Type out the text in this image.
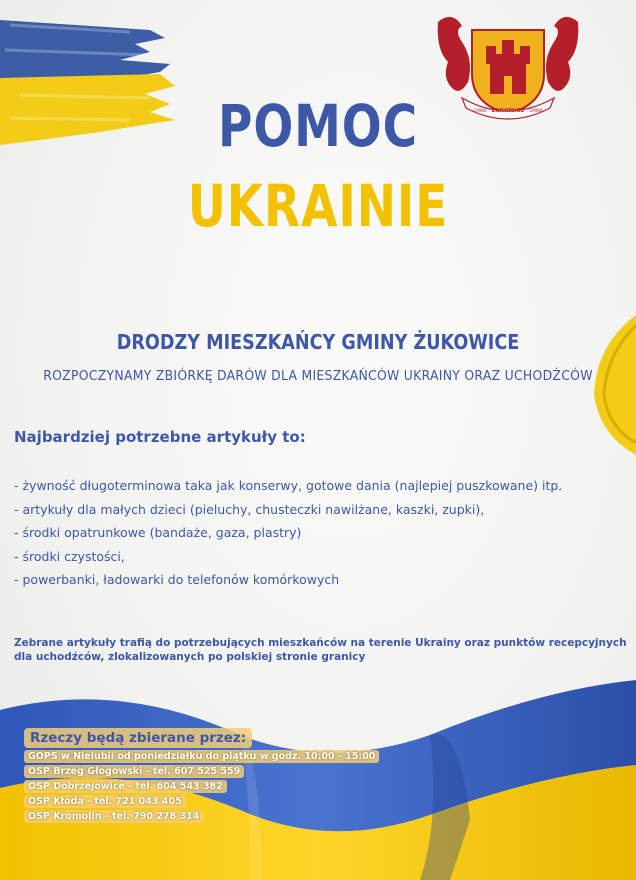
ŻUKOWICE
GMINA	GMINA
POMOC
UKRAINIE
DRODZY MIESZKAŃCY GMINY ŻUKOWICE
ROZPOCZYNAMY ZBIÓRKĘ DARÓW DLA MIESZKAŃCÓW UKRAINY ORAZ UCHODŹCÓW
Najbardziej potrzebne artykuły to:
- żywność długoterminowa taka jak konserwy, gotowe dania (najlepiej puszkowane) itp.
- artykuły dla małych dzieci (pieluchy, chusteczki nawilżane, kaszki, zupki),
- środki opatrunkowe (bandaże, gaza, plastry)
- środki czystości,
- powerbanki, ładowarki do telefonów komórkowych
Zebrane artykuły trafią do potrzebujących mieszkańców na terenie Ukrainy oraz punktów recepcyjnych
dla uchodźców, zlokalizowanych po polskiej stronie granicy
Rzeczy będą zbierane przez:
GOPS w Nielubii od poniedziałku do piątku w godz. 10:00 - 15:00
OSP Brzeg Głogowski - tel. 607 525 559
OSP Dobrzejowice - tel. 604 543 382
OSP Kłoda - tel. 721 043 405
OSP Kromolin - tel. 790 278 314
